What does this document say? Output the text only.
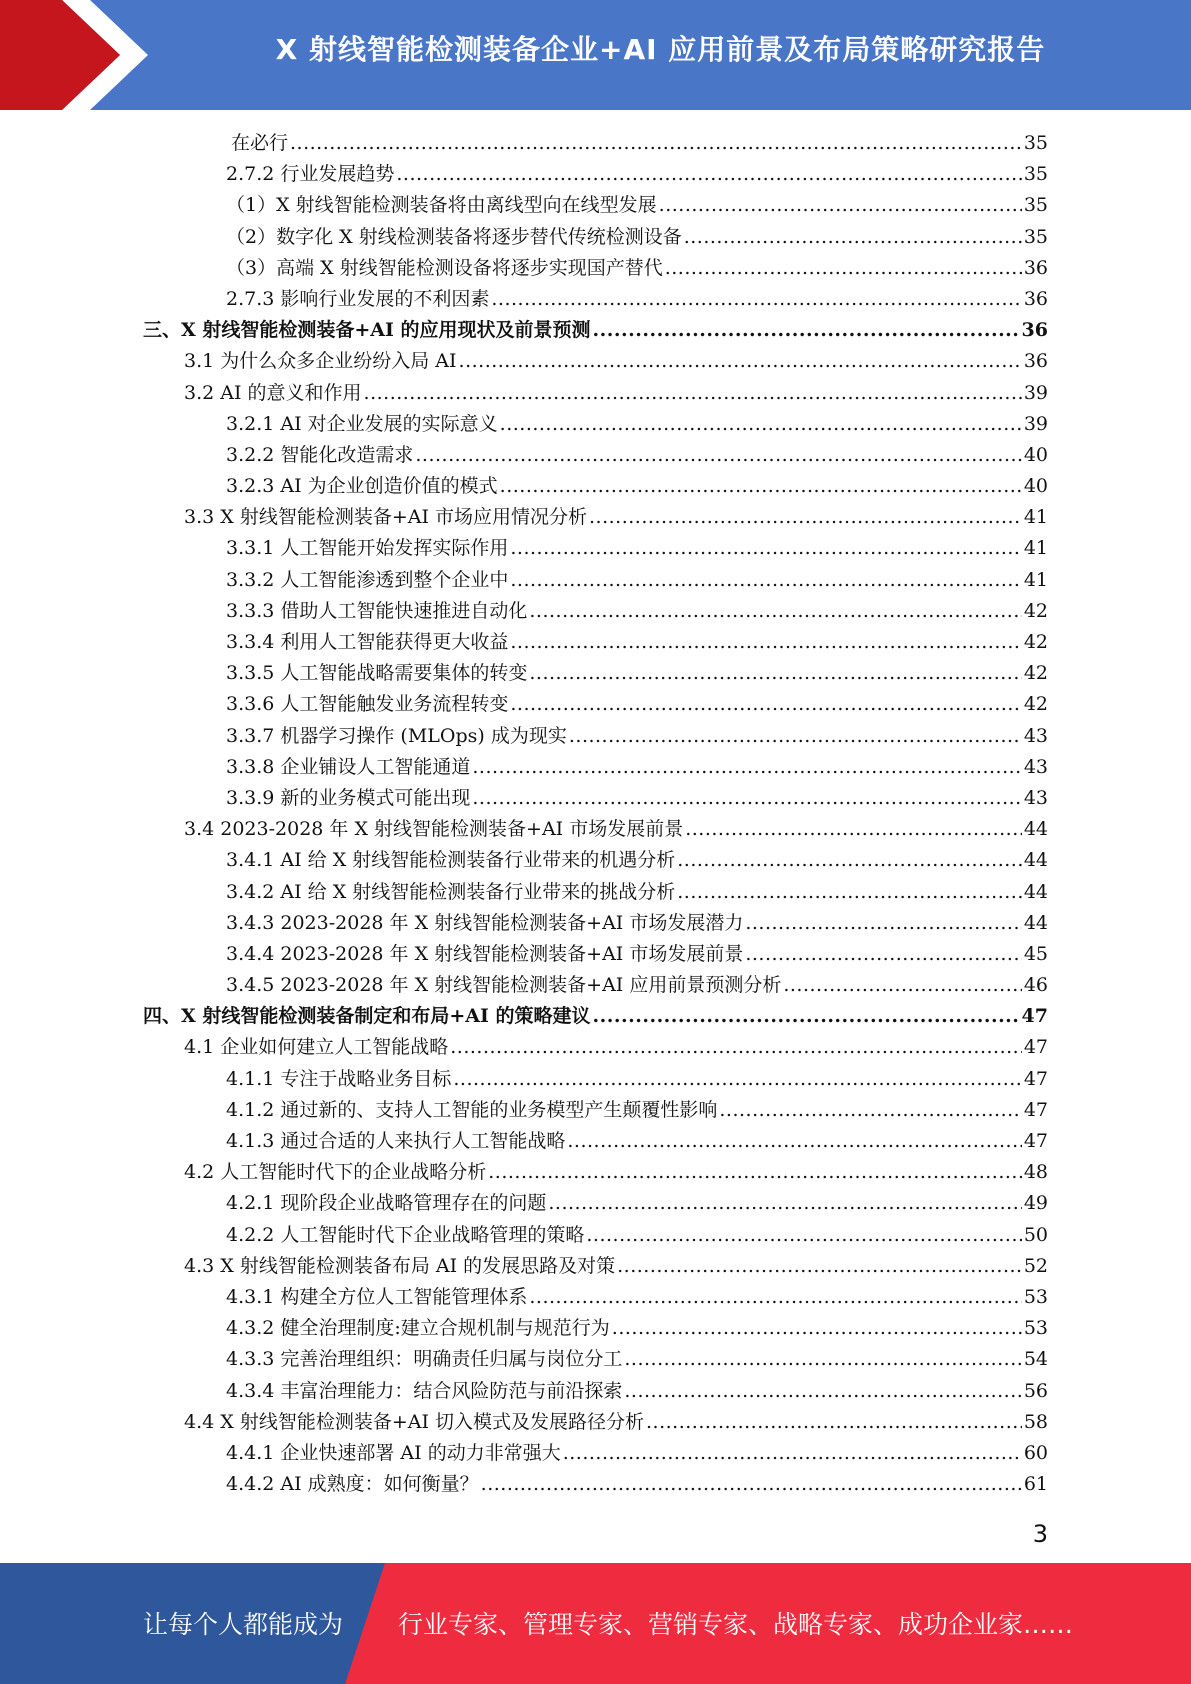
X 射线智能检测装备企业+AI 应用前景及布局策略研究报告
在必行 .....	35
2.7.2 行业发展趋势 .....	35
（1）X 射线智能检测装备将由离线型向在线型发展 .....	35
（2）数字化 X 射线检测装备将逐步替代传统检测设备 .....	35
（3）高端 X 射线智能检测设备将逐步实现国产替代 .....	36
2.7.3 影响行业发展的不利因素 .....	36
三、X 射线智能检测装备+AI 的应用现状及前景预测 .....	36
3.1 为什么众多企业纷纷入局 AI .....	36
3.2 AI 的意义和作用 .....	39
3.2.1 AI 对企业发展的实际意义 .....	39
3.2.2 智能化改造需求 .....	40
3.2.3 AI 为企业创造价值的模式 .....	40
3.3 X 射线智能检测装备+AI 市场应用情况分析 .....	41
3.3.1 人工智能开始发挥实际作用 .....	41
3.3.2 人工智能渗透到整个企业中 .....	41
3.3.3 借助人工智能快速推进自动化 .....	42
3.3.4 利用人工智能获得更大收益 .....	42
3.3.5 人工智能战略需要集体的转变 .....	42
3.3.6 人工智能触发业务流程转变 .....	42
3.3.7 机器学习操作 (MLOps) 成为现实 .....	43
3.3.8 企业铺设人工智能通道 .....	43
3.3.9 新的业务模式可能出现 .....	43
3.4 2023-2028 年 X 射线智能检测装备+AI 市场发展前景 .....	44
3.4.1 AI 给 X 射线智能检测装备行业带来的机遇分析 .....	44
3.4.2 AI 给 X 射线智能检测装备行业带来的挑战分析 .....	44
3.4.3 2023-2028 年 X 射线智能检测装备+AI 市场发展潜力 .....	44
3.4.4 2023-2028 年 X 射线智能检测装备+AI 市场发展前景 .....	45
3.4.5 2023-2028 年 X 射线智能检测装备+AI 应用前景预测分析 .....	46
四、X 射线智能检测装备制定和布局+AI 的策略建议 .....	47
4.1 企业如何建立人工智能战略 .....	47
4.1.1 专注于战略业务目标 .....	47
4.1.2 通过新的、支持人工智能的业务模型产生颠覆性影响 .....	47
4.1.3 通过合适的人来执行人工智能战略 .....	47
4.2 人工智能时代下的企业战略分析 .....	48
4.2.1 现阶段企业战略管理存在的问题 .....	49
4.2.2 人工智能时代下企业战略管理的策略 .....	50
4.3 X 射线智能检测装备布局 AI 的发展思路及对策 .....	52
4.3.1 构建全方位人工智能管理体系 .....	53
4.3.2 健全治理制度:建立合规机制与规范行为 .....	53
4.3.3 完善治理组织：明确责任归属与岗位分工 .....	54
4.3.4 丰富治理能力：结合风险防范与前沿探索 .....	56
4.4 X 射线智能检测装备+AI 切入模式及发展路径分析 .....	58
4.4.1 企业快速部署 AI 的动力非常强大 .....	60
4.4.2 AI 成熟度：如何衡量？ .....	61
3
让每个人都能成为 行业专家、管理专家、营销专家、战略专家、成功企业家……
